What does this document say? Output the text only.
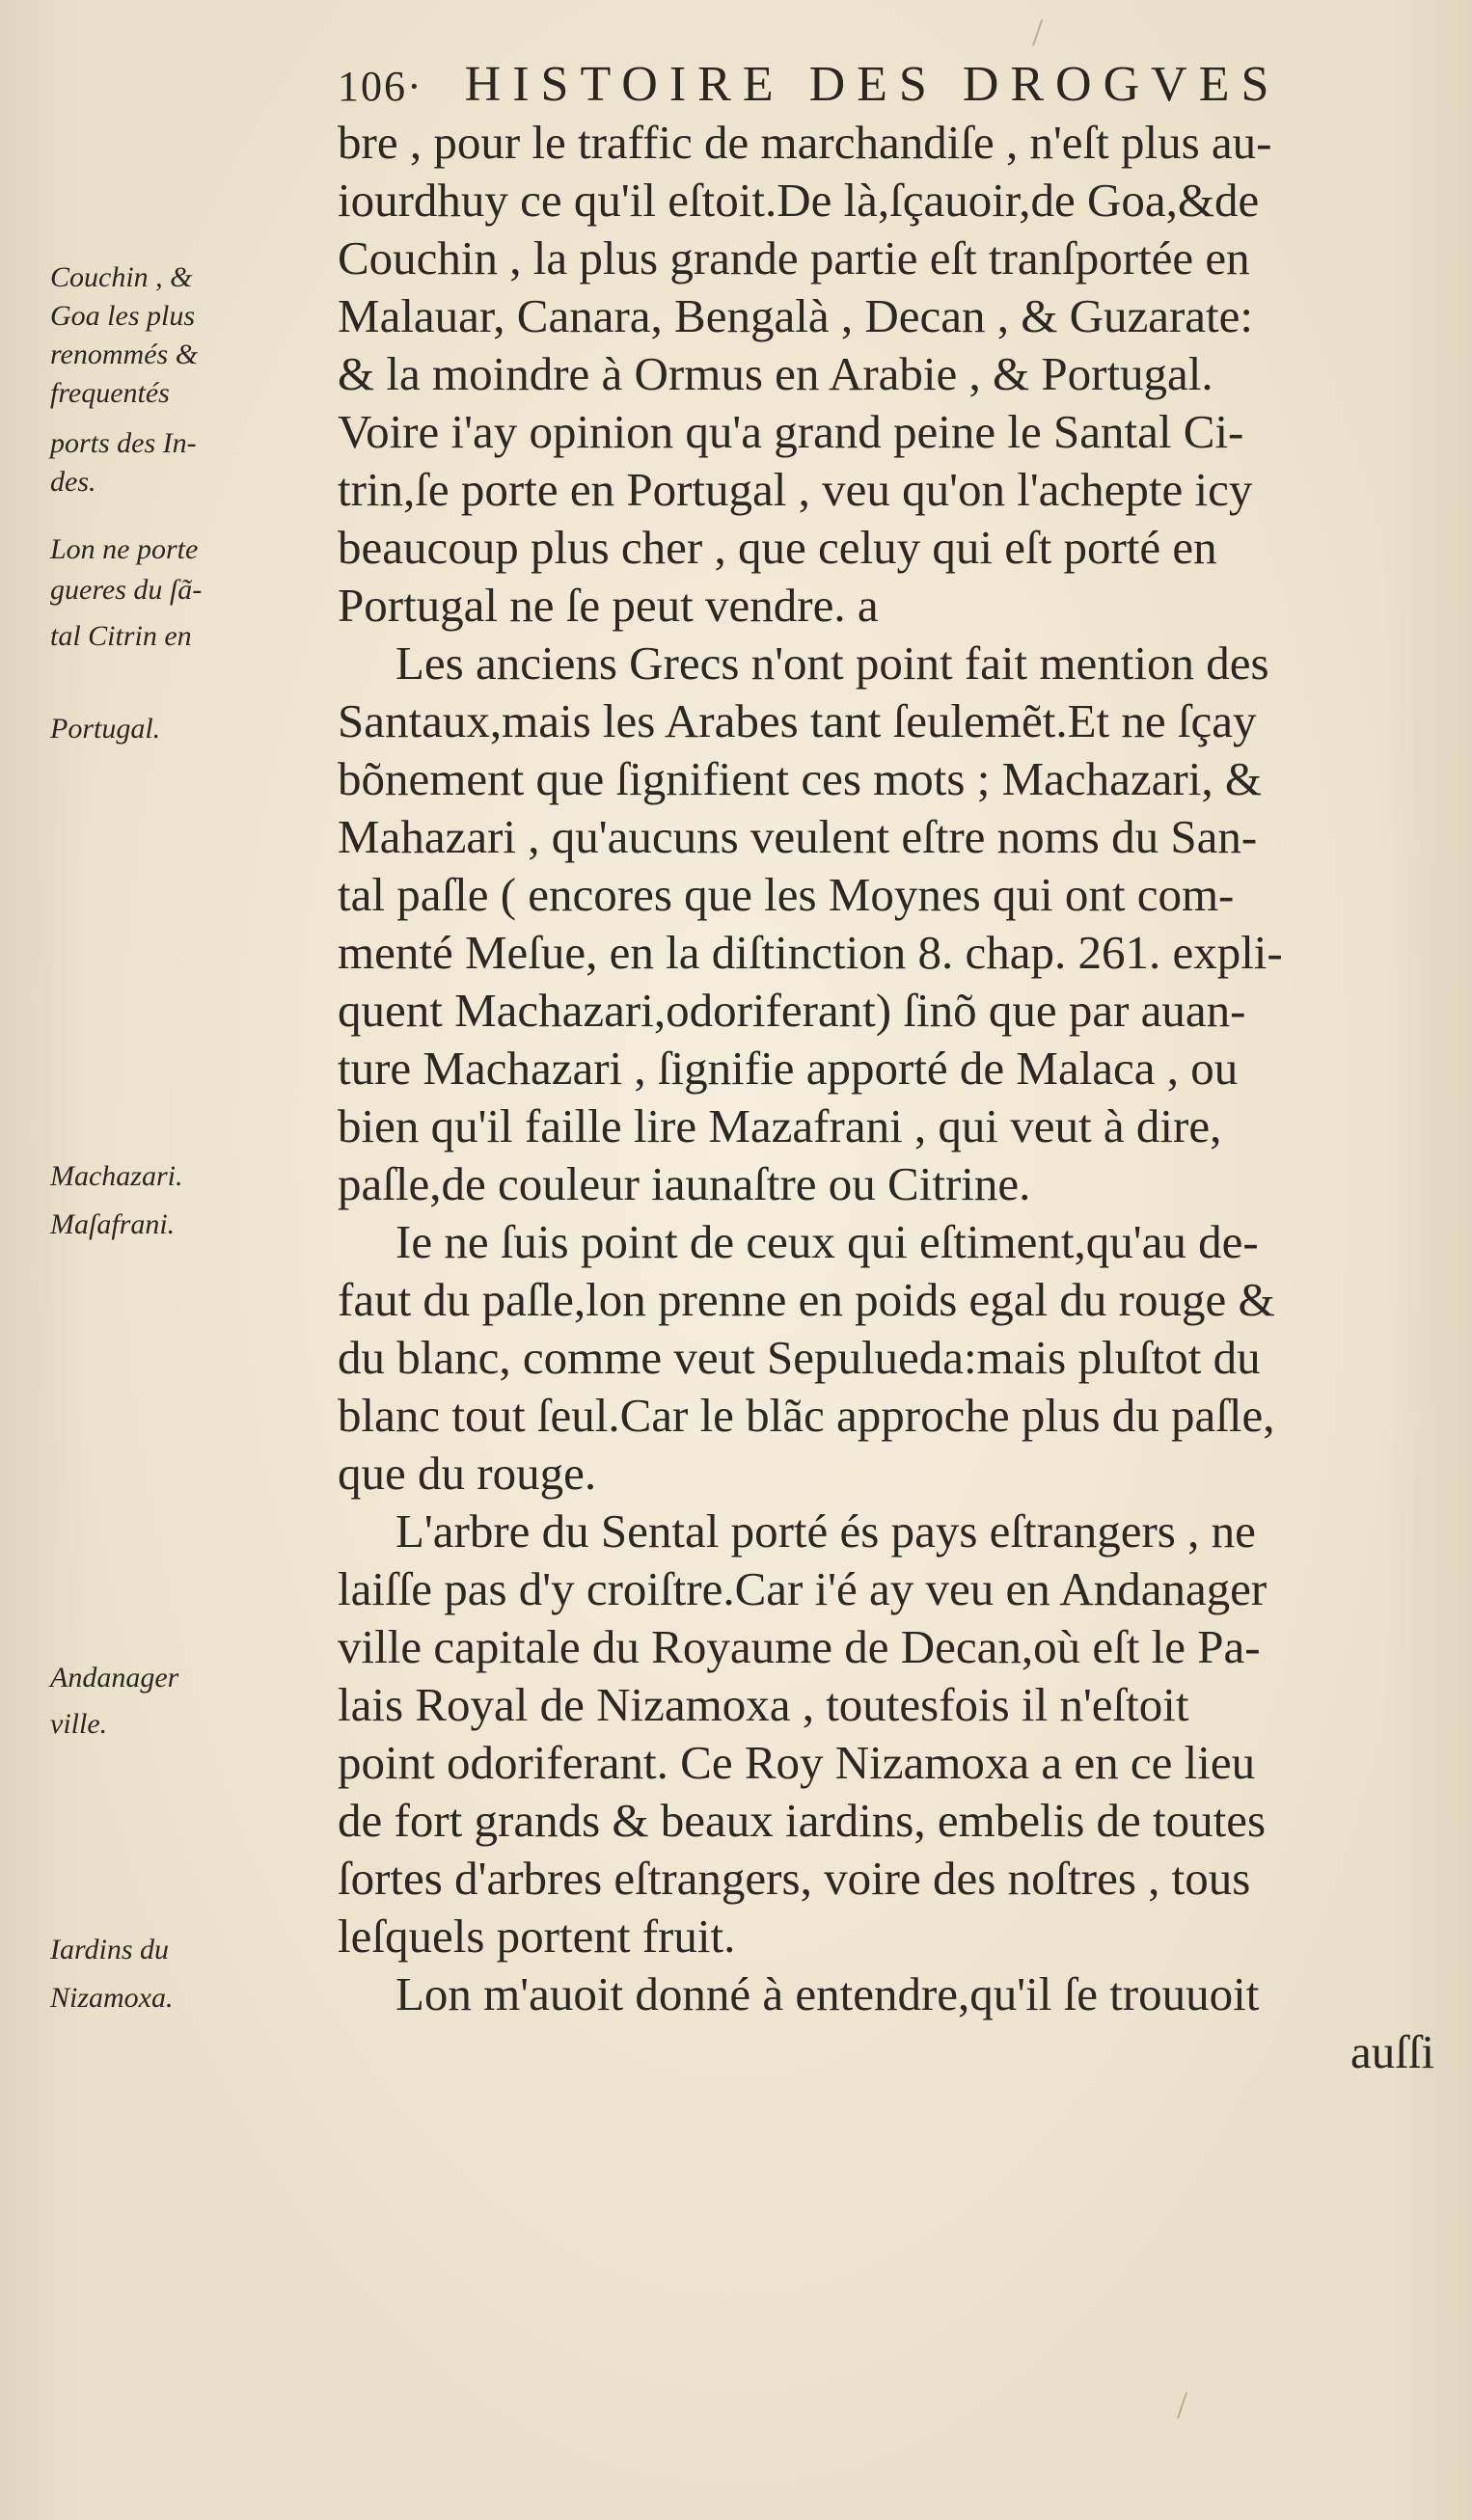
106· HISTOIRE DES DROGVES
Couchin , &
Goa les plus
renommés &
frequentés
ports des In-
des.
Lon ne porte
gueres du ſã-
tal Citrin en
Portugal.
Machazari.
Maſafrani.
Andanager
ville.
Iardins du
Nizamoxa.
bre , pour le traffic de marchandiſe , n'eſt plus au-
iourdhuy ce qu'il eſtoit.De là,ſçauoir,de Goa,&de
Couchin , la plus grande partie eſt tranſportée en
Malauar, Canara, Bengalà , Decan , & Guzarate:
& la moindre à Ormus en Arabie , & Portugal.
Voire i'ay opinion qu'a grand peine le Santal Ci-
trin,ſe porte en Portugal , veu qu'on l'achepte icy
beaucoup plus cher , que celuy qui eſt porté en
Portugal ne ſe peut vendre. a
Les anciens Grecs n'ont point fait mention des
Santaux,mais les Arabes tant ſeulemẽt.Et ne ſçay
bõnement que ſignifient ces mots ; Machazari, &
Mahazari , qu'aucuns veulent eſtre noms du San-
tal paſle ( encores que les Moynes qui ont com-
menté Meſue, en la diſtinction 8. chap. 261. expli-
quent Machazari,odoriferant) ſinõ que par auan-
ture Machazari , ſignifie apporté de Malaca , ou
bien qu'il faille lire Mazafrani , qui veut à dire,
paſle,de couleur iaunaſtre ou Citrine.
Ie ne ſuis point de ceux qui eſtiment,qu'au de-
faut du paſle,lon prenne en poids egal du rouge &
du blanc, comme veut Sepulueda:mais pluſtot du
blanc tout ſeul.Car le blãc approche plus du paſle,
que du rouge.
L'arbre du Sental porté és pays eſtrangers , ne
laiſſe pas d'y croiſtre.Car i'é ay veu en Andanager
ville capitale du Royaume de Decan,où eſt le Pa-
lais Royal de Nizamoxa , toutesfois il n'eſtoit
point odoriferant. Ce Roy Nizamoxa a en ce lieu
de fort grands & beaux iardins, embelis de toutes
ſortes d'arbres eſtrangers, voire des noſtres , tous
leſquels portent fruit.
Lon m'auoit donné à entendre,qu'il ſe trouuoit
auſſi
/
/
